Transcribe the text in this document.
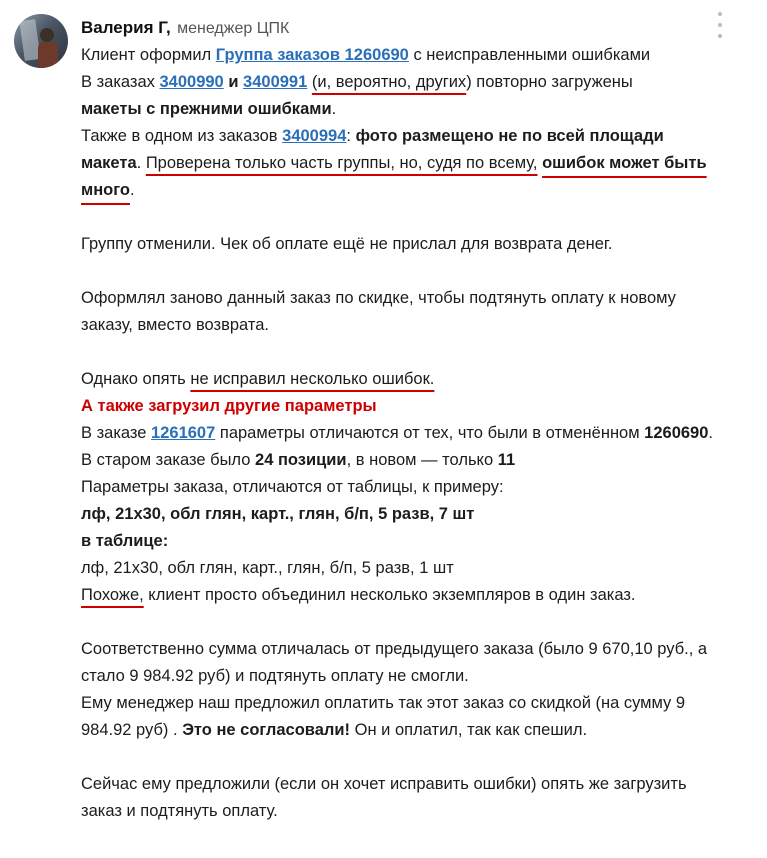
Валерия Г, менеджер ЦПК

Клиент оформил Группа заказов 1260690 с неисправленными ошибками
В заказах 3400990 и 3400991 (и, вероятно, других) повторно загружены
макеты с прежними ошибками.
Также в одном из заказов 3400994: фото размещено не по всей площади макета. Проверена только часть группы, но, судя по всему, ошибок может быть много.

Группу отменили. Чек об оплате ещё не прислал для возврата денег.

Оформлял заново данный заказ по скидке, чтобы подтянуть оплату к новому заказу, вместо возврата.

Однако опять не исправил несколько ошибок.
А также загрузил другие параметры
В заказе 1261607 параметры отличаются от тех, что были в отменённом 1260690.
В старом заказе было 24 позиции, в новом — только 11
Параметры заказа, отличаются от таблицы, к примеру:
лф, 21х30, обл глян, карт., глян, б/п, 5 разв, 7 шт
в таблице:
лф, 21х30, обл глян, карт., глян, б/п, 5 разв, 1 шт
Похоже, клиент просто объединил несколько экземпляров в один заказ.

Соответственно сумма отличалась от предыдущего заказа (было 9 670,10 руб., а стало 9 984.92 руб) и подтянуть оплату не смогли.
Ему менеджер наш предложил оплатить так этот заказ со скидкой (на сумму 9 984.92 руб) . Это не согласовали! Он и оплатил, так как спешил.

Сейчас ему предложили (если он хочет исправить ошибки) опять же загрузить заказ и подтянуть оплату.
